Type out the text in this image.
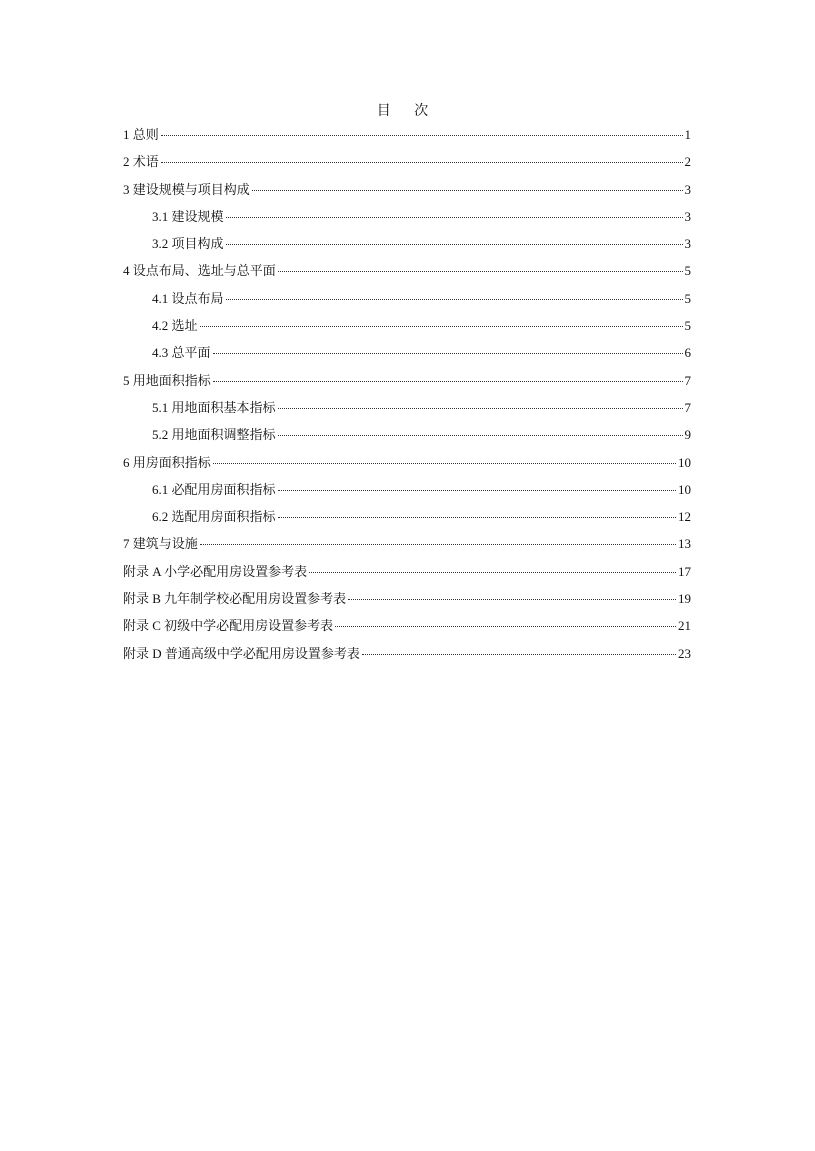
目 次
1 总则	1
2 术语	2
3 建设规模与项目构成	3
3.1 建设规模	3
3.2 项目构成	3
4 设点布局、选址与总平面	5
4.1 设点布局	5
4.2 选址	5
4.3 总平面	6
5 用地面积指标	7
5.1 用地面积基本指标	7
5.2 用地面积调整指标	9
6 用房面积指标	10
6.1 必配用房面积指标	10
6.2 选配用房面积指标	12
7 建筑与设施	13
附录 A 小学必配用房设置参考表	17
附录 B 九年制学校必配用房设置参考表	19
附录 C 初级中学必配用房设置参考表	21
附录 D 普通高级中学必配用房设置参考表	23
